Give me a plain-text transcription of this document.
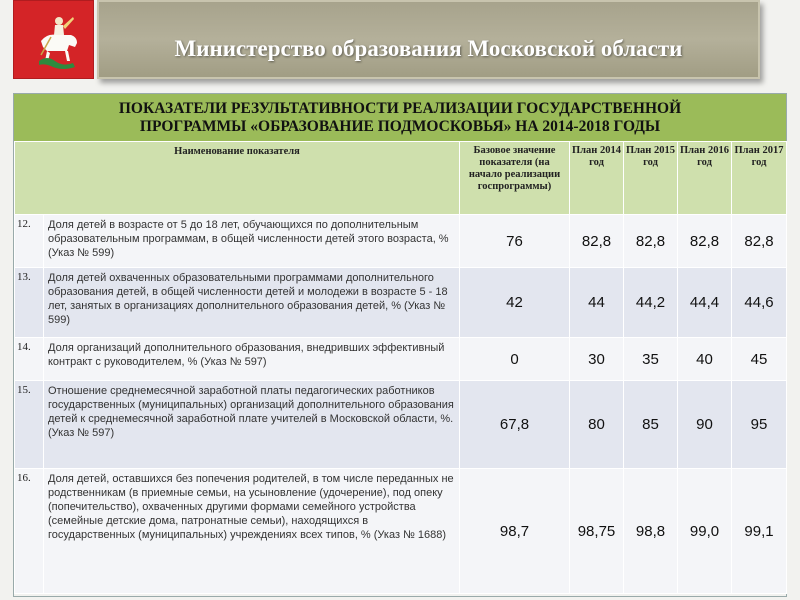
Министерство образования Московской области
ПОКАЗАТЕЛИ РЕЗУЛЬТАТИВНОСТИ РЕАЛИЗАЦИИ ГОСУДАРСТВЕННОЙ
ПРОГРАММЫ «ОБРАЗОВАНИЕ ПОДМОСКОВЬЯ» НА 2014-2018 ГОДЫ
Наименование показателя		Базовое значение показателя (на начало реализации госпрограммы)	План 2014 год	План 2015 год	План 2016 год	План 2017 год
12.	Доля детей в возрасте от 5 до 18 лет, обучающихся по дополнительным образовательным программам, в общей численности детей этого возраста, % (Указ № 599)	76	82,8	82,8	82,8	82,8
13.	Доля детей охваченных образовательными программами дополнительного образования детей, в общей численности детей и молодежи в возрасте 5 - 18 лет, занятых в организациях дополнительного образования детей, % (Указ № 599)	42	44	44,2	44,4	44,6
14.	Доля организаций дополнительного образования, внедривших эффективный контракт с руководителем, % (Указ № 597)	0	30	35	40	45
15.	Отношение среднемесячной заработной платы педагогических работников государственных (муниципальных) организаций дополнительного образования детей к среднемесячной заработной плате учителей в Московской области, %. (Указ № 597)	67,8	80	85	90	95
16.	Доля детей, оставшихся без попечения родителей, в том числе переданных не родственникам (в приемные семьи, на усыновление (удочерение), под опеку (попечительство), охваченных другими формами семейного устройства (семейные детские дома, патронатные семьи), находящихся в государственных (муниципальных) учреждениях всех типов, % (Указ № 1688)	98,7	98,75	98,8	99,0	99,1
